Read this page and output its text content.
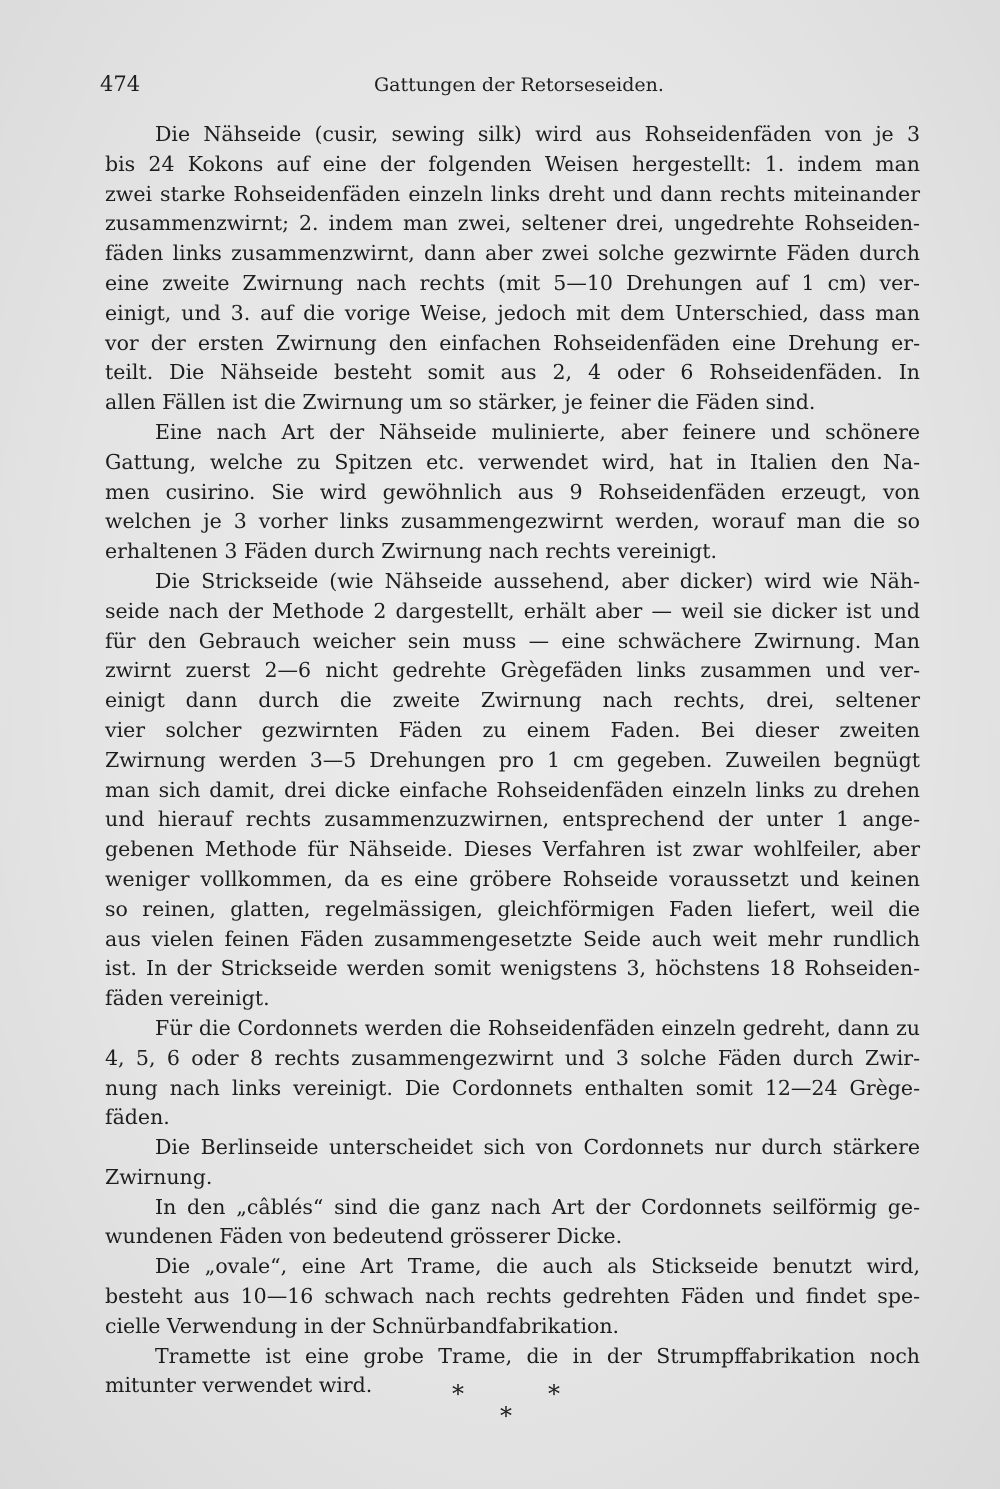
474	Gattungen der Retorseseiden.
Die Nähseide (cusir, sewing silk) wird aus Rohseidenfäden von je 3
bis 24 Kokons auf eine der folgenden Weisen hergestellt: 1. indem man
zwei starke Rohseidenfäden einzeln links dreht und dann rechts miteinander
zusammenzwirnt; 2. indem man zwei, seltener drei, ungedrehte Rohseiden-
fäden links zusammenzwirnt, dann aber zwei solche gezwirnte Fäden durch
eine zweite Zwirnung nach rechts (mit 5—10 Drehungen auf 1 cm) ver-
einigt, und 3. auf die vorige Weise, jedoch mit dem Unterschied, dass man
vor der ersten Zwirnung den einfachen Rohseidenfäden eine Drehung er-
teilt. Die Nähseide besteht somit aus 2, 4 oder 6 Rohseidenfäden. In
allen Fällen ist die Zwirnung um so stärker, je feiner die Fäden sind.
Eine nach Art der Nähseide mulinierte, aber feinere und schönere
Gattung, welche zu Spitzen etc. verwendet wird, hat in Italien den Na-
men cusirino. Sie wird gewöhnlich aus 9 Rohseidenfäden erzeugt, von
welchen je 3 vorher links zusammengezwirnt werden, worauf man die so
erhaltenen 3 Fäden durch Zwirnung nach rechts vereinigt.
Die Strickseide (wie Nähseide aussehend, aber dicker) wird wie Näh-
seide nach der Methode 2 dargestellt, erhält aber — weil sie dicker ist und
für den Gebrauch weicher sein muss — eine schwächere Zwirnung. Man
zwirnt zuerst 2—6 nicht gedrehte Grègefäden links zusammen und ver-
einigt dann durch die zweite Zwirnung nach rechts, drei, seltener
vier solcher gezwirnten Fäden zu einem Faden. Bei dieser zweiten
Zwirnung werden 3—5 Drehungen pro 1 cm gegeben. Zuweilen begnügt
man sich damit, drei dicke einfache Rohseidenfäden einzeln links zu drehen
und hierauf rechts zusammenzuzwirnen, entsprechend der unter 1 ange-
gebenen Methode für Nähseide. Dieses Verfahren ist zwar wohlfeiler, aber
weniger vollkommen, da es eine gröbere Rohseide voraussetzt und keinen
so reinen, glatten, regelmässigen, gleichförmigen Faden liefert, weil die
aus vielen feinen Fäden zusammengesetzte Seide auch weit mehr rundlich
ist. In der Strickseide werden somit wenigstens 3, höchstens 18 Rohseiden-
fäden vereinigt.
Für die Cordonnets werden die Rohseidenfäden einzeln gedreht, dann zu
4, 5, 6 oder 8 rechts zusammengezwirnt und 3 solche Fäden durch Zwir-
nung nach links vereinigt. Die Cordonnets enthalten somit 12—24 Grège-
fäden.
Die Berlinseide unterscheidet sich von Cordonnets nur durch stärkere
Zwirnung.
In den „câblés“ sind die ganz nach Art der Cordonnets seilförmig ge-
wundenen Fäden von bedeutend grösserer Dicke.
Die „ovale“, eine Art Trame, die auch als Stickseide benutzt wird,
besteht aus 10—16 schwach nach rechts gedrehten Fäden und findet spe-
cielle Verwendung in der Schnürbandfabrikation.
Tramette ist eine grobe Trame, die in der Strumpffabrikation noch
mitunter verwendet wird.	*	*
*
